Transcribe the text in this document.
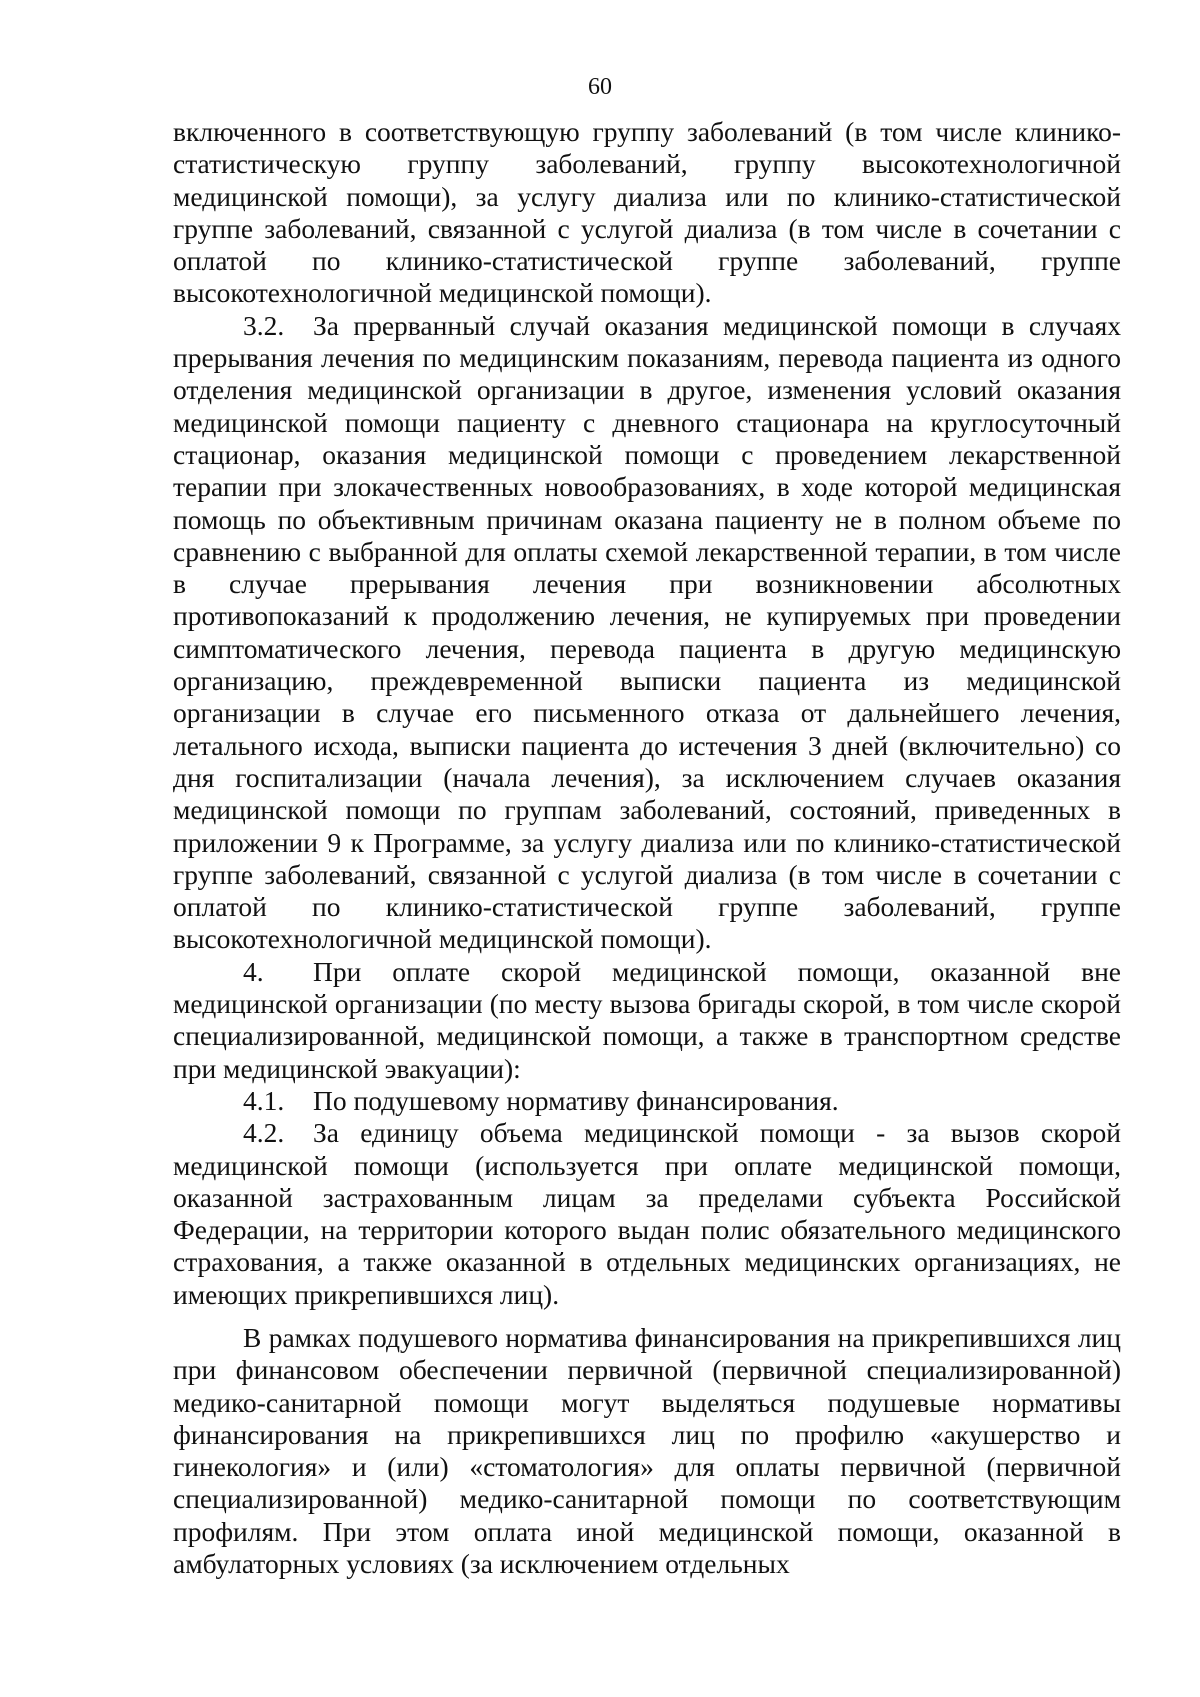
60

включенного в соответствующую группу заболеваний (в том числе клинико-статистическую группу заболеваний, группу высокотехнологичной медицинской помощи), за услугу диализа или по клинико-статистической группе заболеваний, связанной с услугой диализа (в том числе в сочетании с оплатой по клинико-статистической группе заболеваний, группе высокотехнологичной медицинской помощи).

3.2. За прерванный случай оказания медицинской помощи в случаях прерывания лечения по медицинским показаниям, перевода пациента из одного отделения медицинской организации в другое, изменения условий оказания медицинской помощи пациенту с дневного стационара на круглосуточный стационар, оказания медицинской помощи с проведением лекарственной терапии при злокачественных новообразованиях, в ходе которой медицинская помощь по объективным причинам оказана пациенту не в полном объеме по сравнению с выбранной для оплаты схемой лекарственной терапии, в том числе в случае прерывания лечения при возникновении абсолютных противопоказаний к продолжению лечения, не купируемых при проведении симптоматического лечения, перевода пациента в другую медицинскую организацию, преждевременной выписки пациента из медицинской организации в случае его письменного отказа от дальнейшего лечения, летального исхода, выписки пациента до истечения 3 дней (включительно) со дня госпитализации (начала лечения), за исключением случаев оказания медицинской помощи по группам заболеваний, состояний, приведенных в приложении 9 к Программе, за услугу диализа или по клинико-статистической группе заболеваний, связанной с услугой диализа (в том числе в сочетании с оплатой по клинико-статистической группе заболеваний, группе высокотехнологичной медицинской помощи).

4. При оплате скорой медицинской помощи, оказанной вне медицинской организации (по месту вызова бригады скорой, в том числе скорой специализированной, медицинской помощи, а также в транспортном средстве при медицинской эвакуации):

4.1. По подушевому нормативу финансирования.

4.2. За единицу объема медицинской помощи - за вызов скорой медицинской помощи (используется при оплате медицинской помощи, оказанной застрахованным лицам за пределами субъекта Российской Федерации, на территории которого выдан полис обязательного медицинского страхования, а также оказанной в отдельных медицинских организациях, не имеющих прикрепившихся лиц).

В рамках подушевого норматива финансирования на прикрепившихся лиц при финансовом обеспечении первичной (первичной специализированной) медико-санитарной помощи могут выделяться подушевые нормативы финансирования на прикрепившихся лиц по профилю «акушерство и гинекология» и (или) «стоматология» для оплаты первичной (первичной специализированной) медико-санитарной помощи по соответствующим профилям. При этом оплата иной медицинской помощи, оказанной в амбулаторных условиях (за исключением отдельных
